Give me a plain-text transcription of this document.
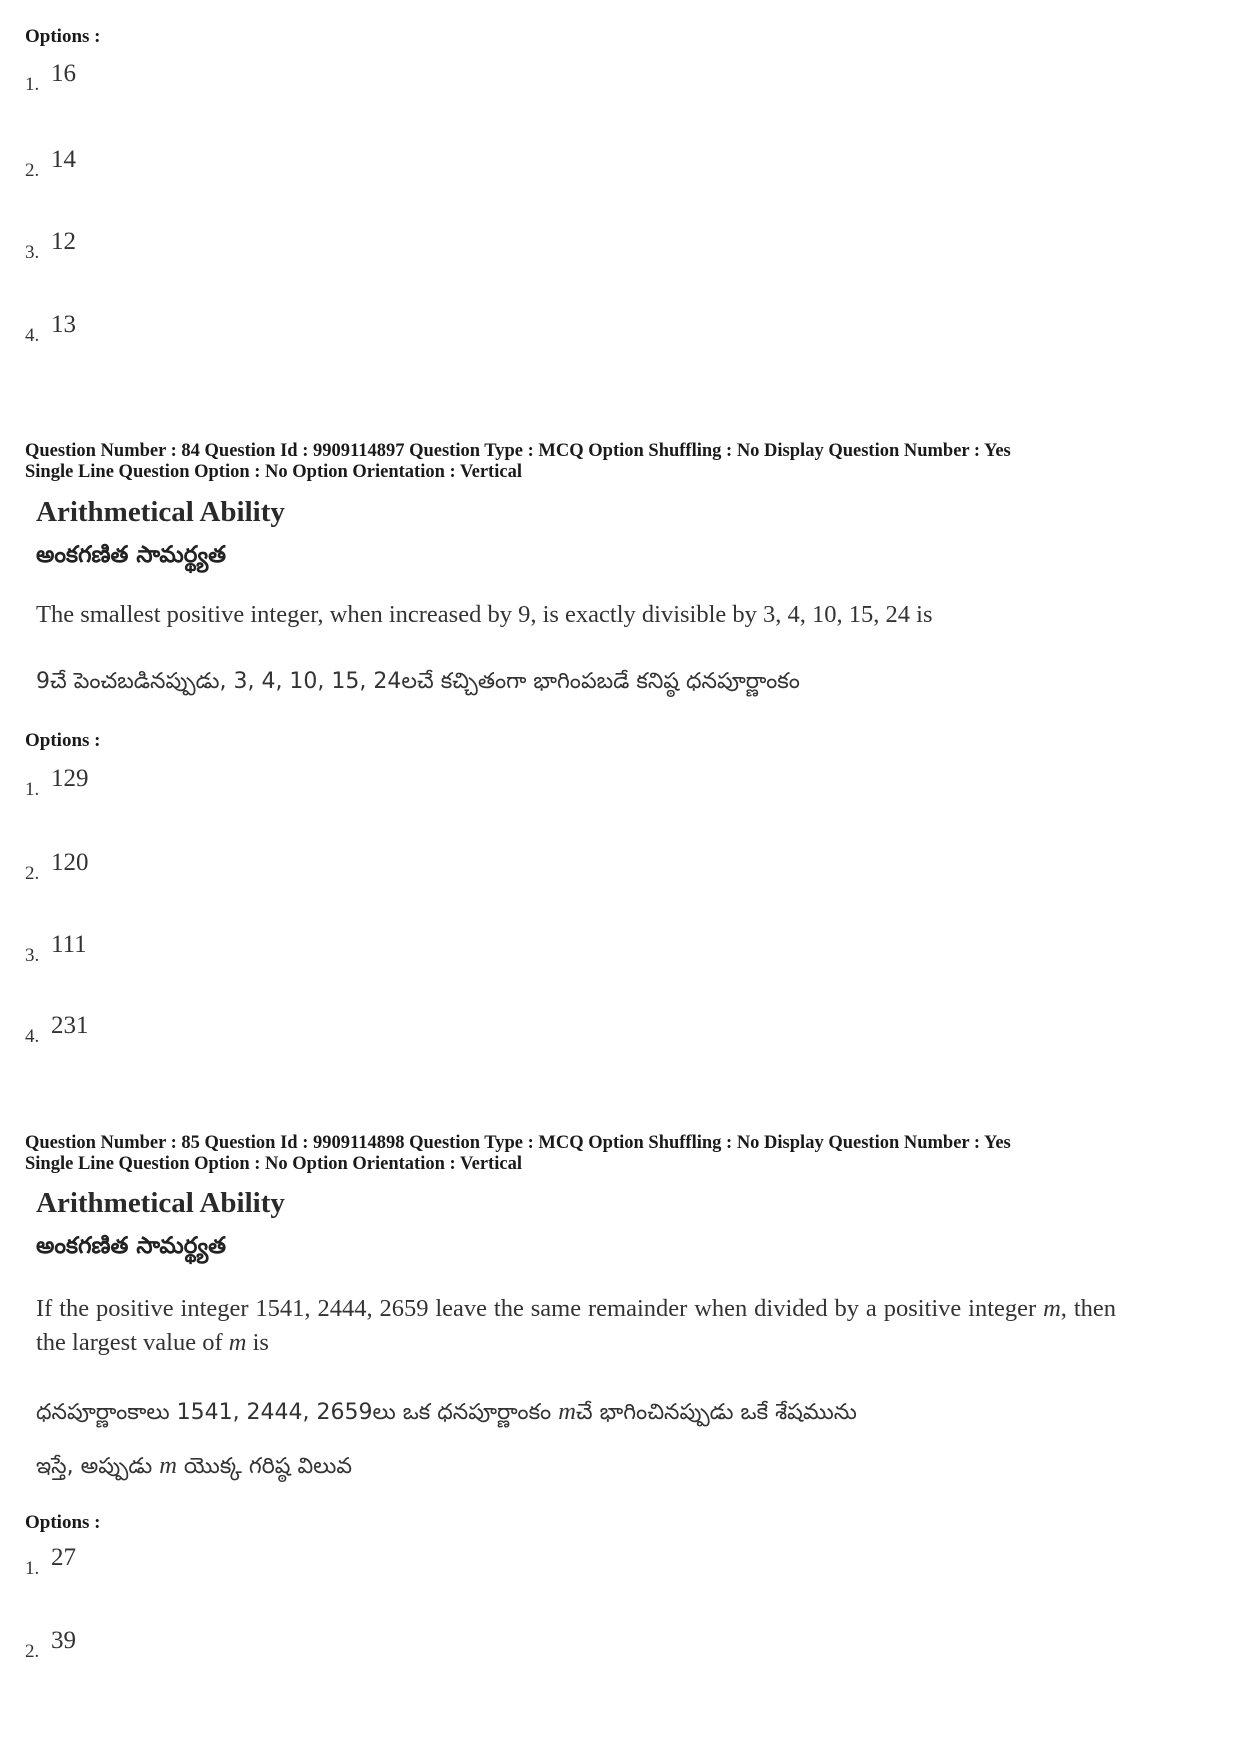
Options :
1. 16
2. 14
3. 12
4. 13
Question Number : 84 Question Id : 9909114897 Question Type : MCQ Option Shuffling : No Display Question Number : Yes
Single Line Question Option : No Option Orientation : Vertical
Arithmetical Ability
అంకగణిత సామర్థ్యత
The smallest positive integer, when increased by 9, is exactly divisible by 3, 4, 10, 15, 24 is
9చే పెంచబడినప్పుడు, 3, 4, 10, 15, 24లచే కచ్చితంగా భాగింపబడే కనిష్ఠ ధనపూర్ణాంకం
Options :
1. 129
2. 120
3. 111
4. 231
Question Number : 85 Question Id : 9909114898 Question Type : MCQ Option Shuffling : No Display Question Number : Yes
Single Line Question Option : No Option Orientation : Vertical
Arithmetical Ability
అంకగణిత సామర్థ్యత
If the positive integer 1541, 2444, 2659 leave the same remainder when divided by a positive integer m, then the largest value of m is
ధనపూర్ణాంకాలు 1541, 2444, 2659లు ఒక ధనపూర్ణాంకం mచే భాగించినప్పుడు ఒకే శేషమును
ఇస్తే, అప్పుడు m యొక్క గరిష్ఠ విలువ
Options :
1. 27
2. 39
